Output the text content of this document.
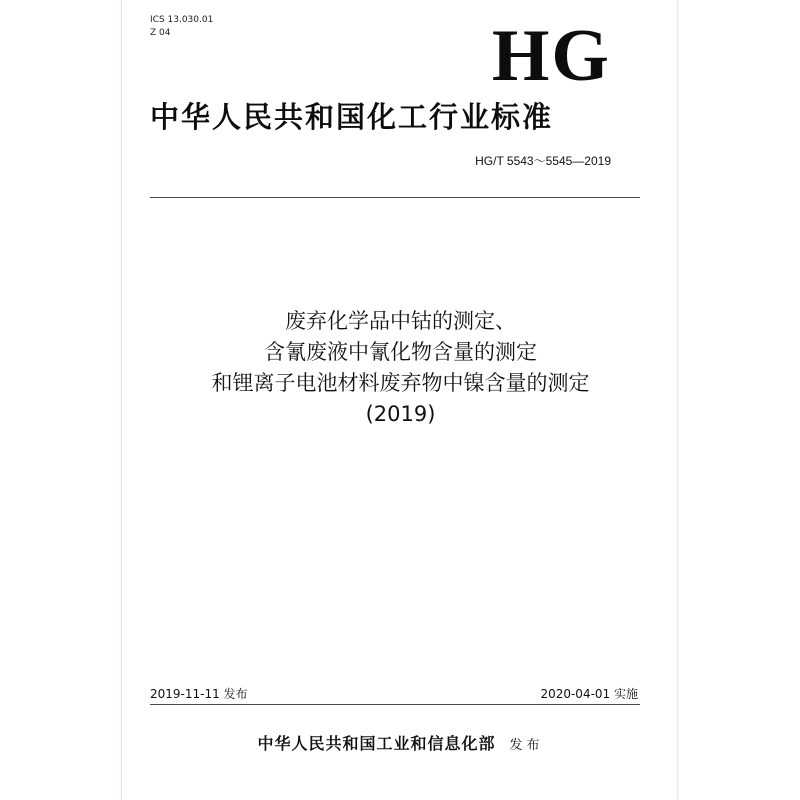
ICS 13.030.01
Z 04	HG
中华人民共和国化工行业标准
HG/T 5543～5545—2019
废弃化学品中钴的测定、
含氰废液中氰化物含量的测定
和锂离子电池材料废弃物中镍含量的测定
(2019)
2019-11-11 发布	2020-04-01 实施
中华人民共和国工业和信息化部 发布
